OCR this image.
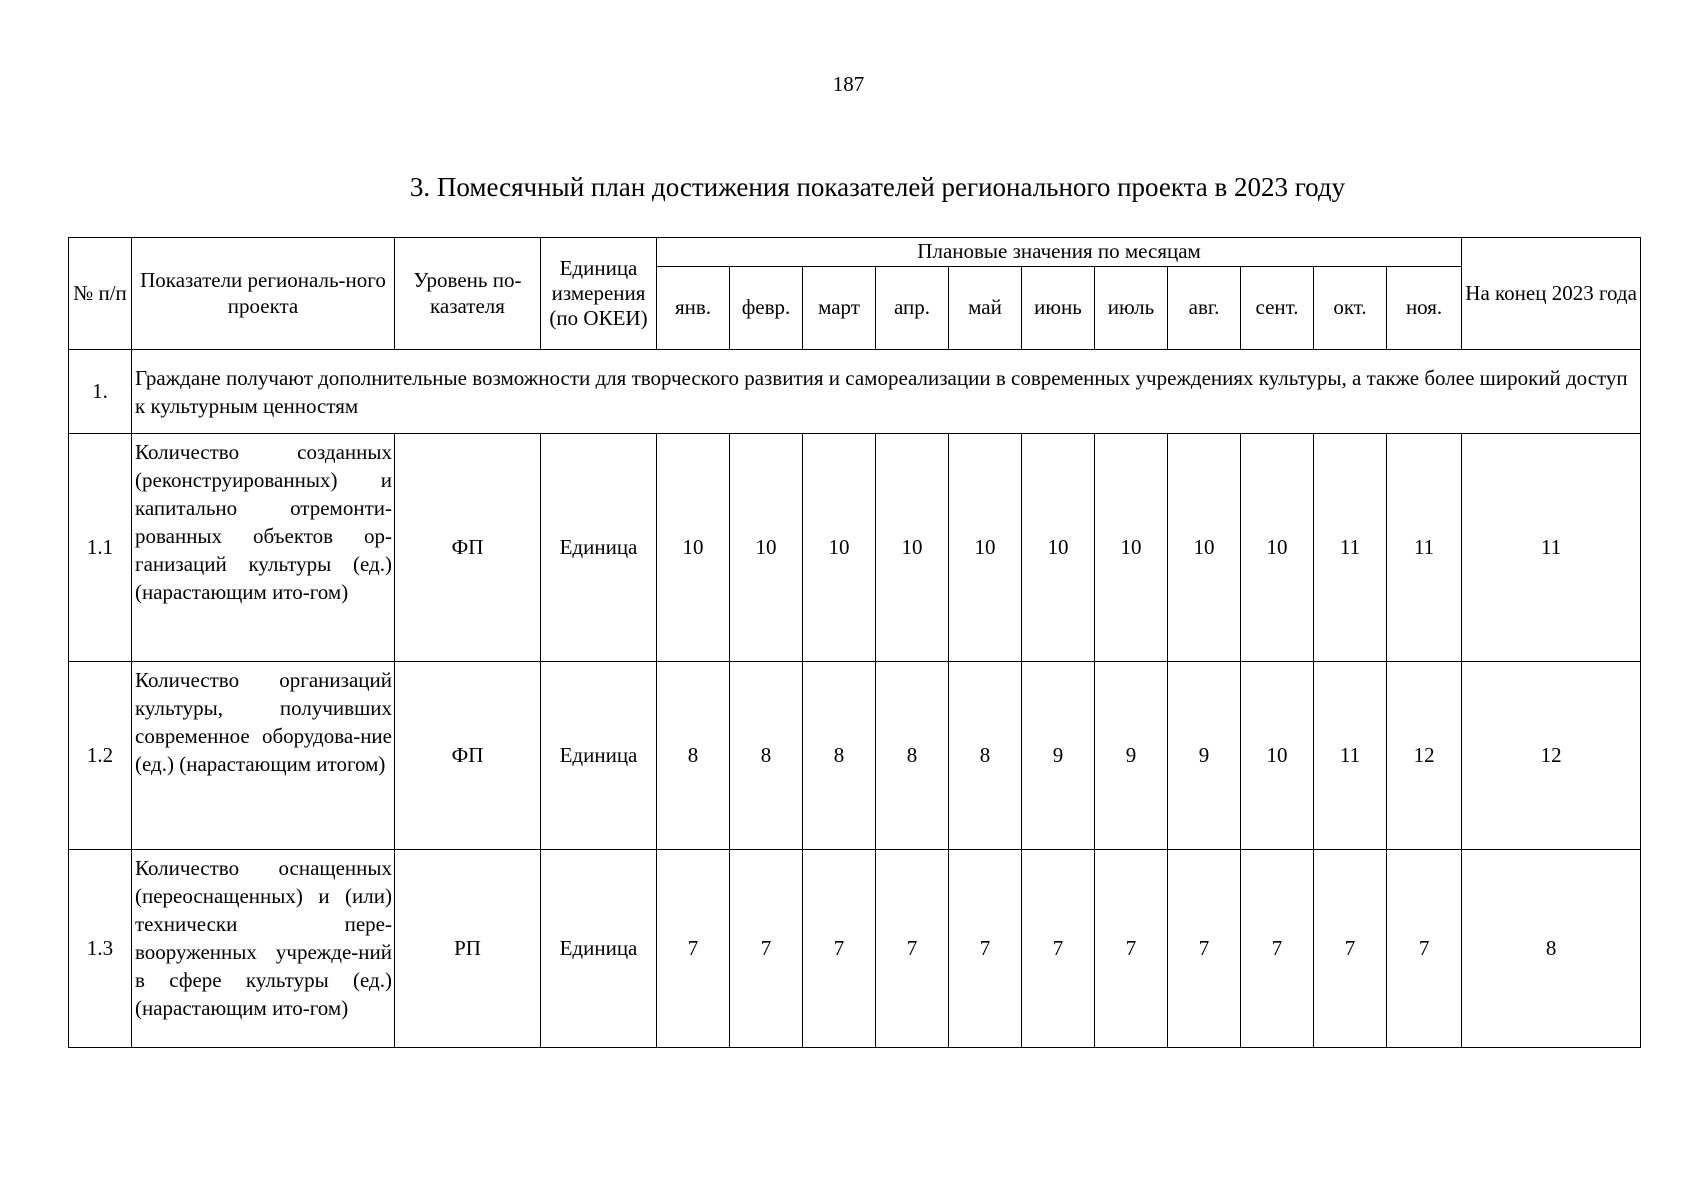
187
3. Помесячный план достижения показателей регионального проекта в 2023 году
№ п/п	Показатели региональ-ного проекта	Уровень по-казателя	Единица измерения (по ОКЕИ)	Плановые значения по месяцам											На конец 2023 года
				янв.	февр.	март	апр.	май	июнь	июль	авг.	сент.	окт.	ноя.	
1.	Граждане получают дополнительные возможности для творческого развития и самореализации в современных учреждениях культуры, а также более широкий доступ к культурным ценностям														
1.1	Количество созданных (реконструированных) и капитально отремонти-рованных объектов ор-ганизаций культуры (ед.) (нарастающим ито-гом)	ФП	Единица	10	10	10	10	10	10	10	10	10	11	11	11
1.2	Количество организаций культуры, получивших современное оборудова-ние (ед.) (нарастающим итогом)	ФП	Единица	8	8	8	8	8	9	9	9	10	11	12	12
1.3	Количество оснащенных (переоснащенных) и (или) технически пере-вооруженных учрежде-ний в сфере культуры (ед.) (нарастающим ито-гом)	РП	Единица	7	7	7	7	7	7	7	7	7	7	7	8
